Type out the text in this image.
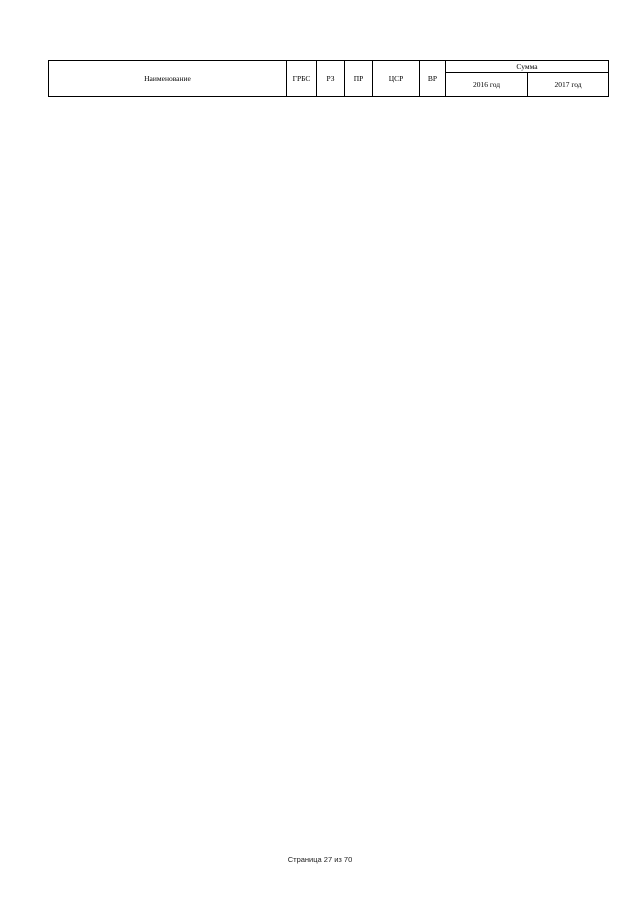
Наименование	ГРБС	РЗ	ПР	ЦСР	ВР	Сумма	
						2016 год	2017 год
Страница 27 из 70
